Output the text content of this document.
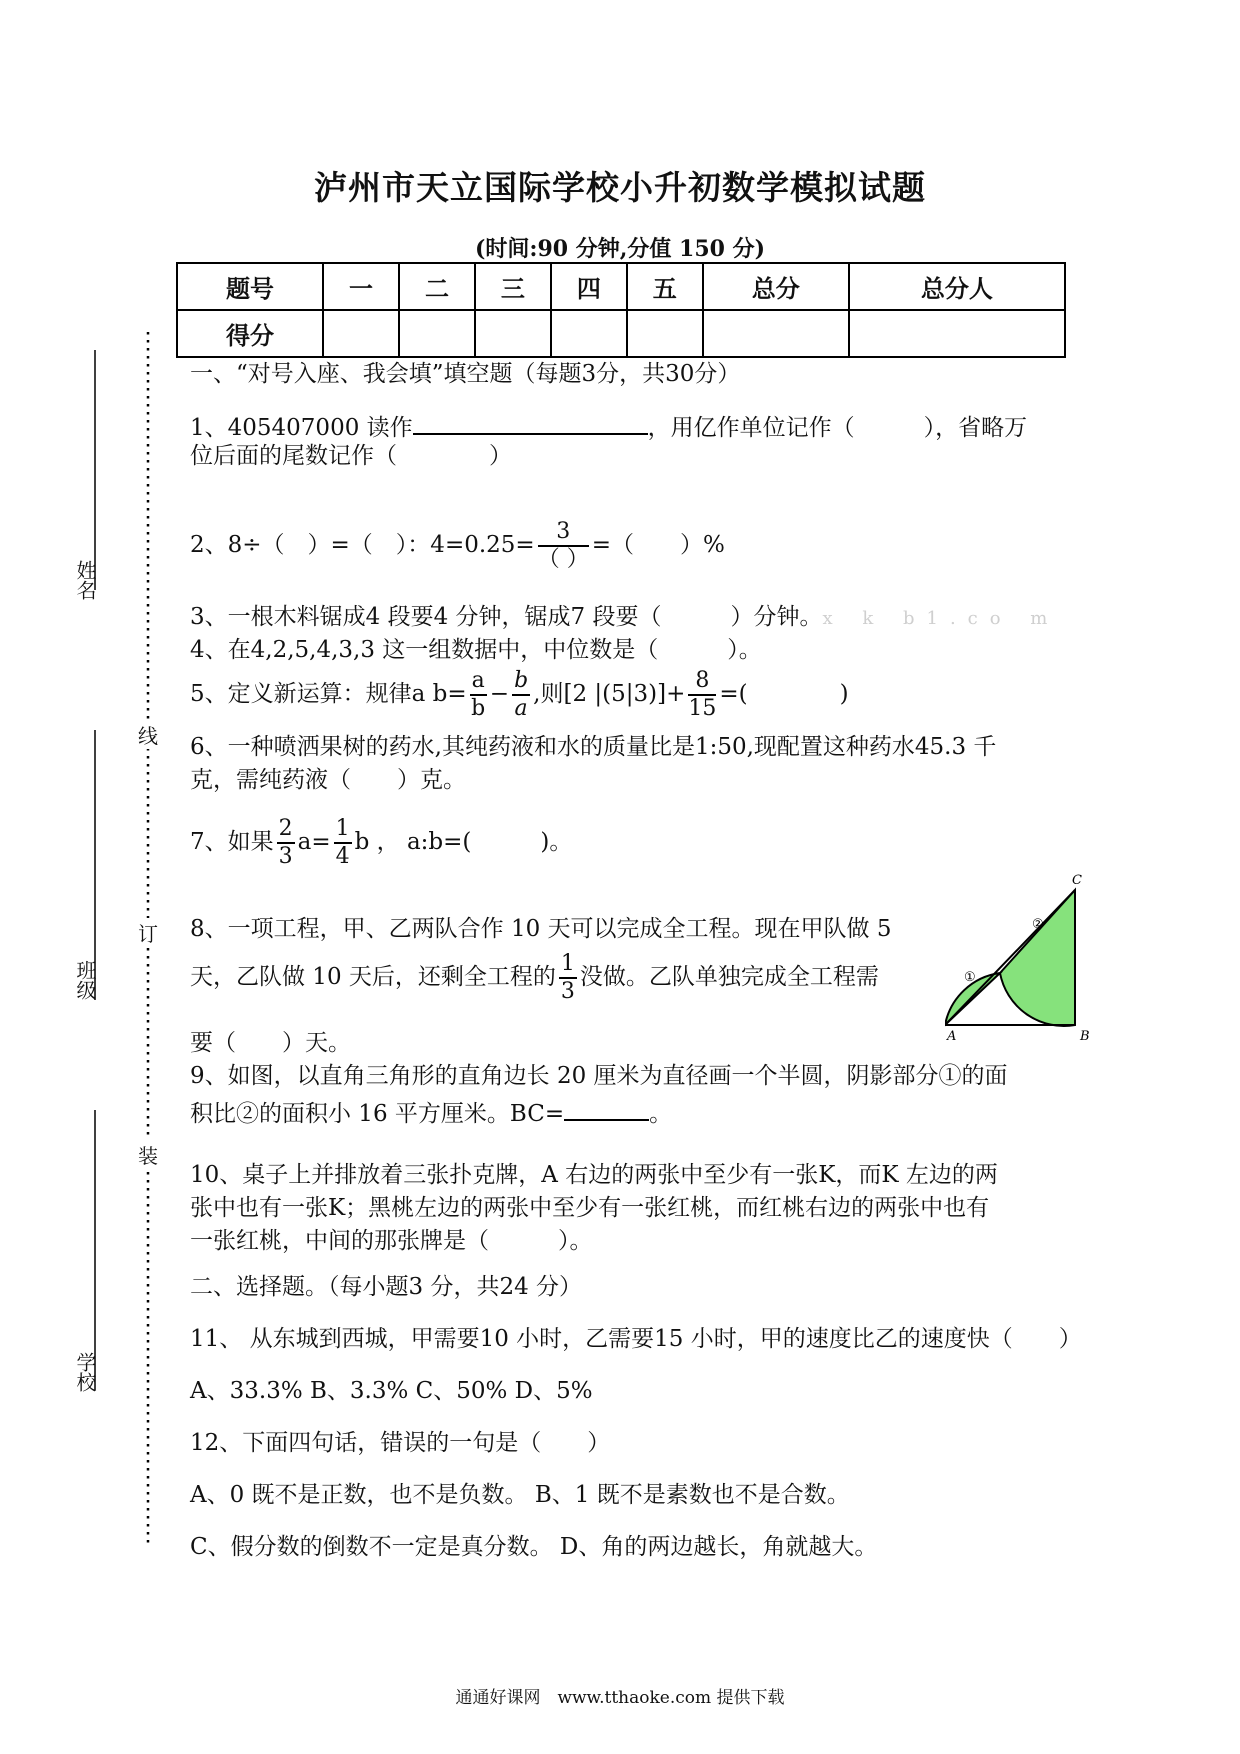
泸州市天立国际学校小升初数学模拟试题
(时间:90 分钟,分值 150 分)
题号	一	二	三	四	五	总分	总分人
得分							
姓名
班级
学校
线
订
装
一、“对号入座、我会填”填空题（每题3分，共30分）
1、405407000 读作	，用亿作单位记作（　　　），省略万
位后面的尾数记作（　　　　）
2、8÷（　）=（　）：$4=0.25= \frac{3}{( )}$ =（　　）%
3、一根木料锯成4 段要4 分钟，锯成7 段要（　　　）分钟。x k b1.co m
4、在4,2,5,4,3,3 这一组数据中，中位数是（　　　）。
5、定义新运算：规律a $b= \frac{a}{b} - \frac{b}{a}$ ,则[2 $|(5|3)]+ \frac{8}{15}$ =(　　　　)
6、一种喷洒果树的药水,其纯药液和水的质量比是1:50,现配置这种药水45.3 千
克，需纯药液（　　）克。
7、如果 $\frac{2}{3} a= \frac{1}{4}$ b ， a:b=(　　　)。
8、一项工程，甲、乙两队合作 10 天可以完成全工程。现在甲队做 5
天，乙队做 10 天后，还剩全工程的 $\frac{1}{3}$ 没做。乙队单独完成全工程需
要（　　）天。	A	B
C
①
②
9、如图，以直角三角形的直角边长 20 厘米为直径画一个半圆，阴影部分①的面
积比②的面积小 16 平方厘米。BC=	。
10、桌子上并排放着三张扑克牌，A 右边的两张中至少有一张K，而K 左边的两
张中也有一张K；黑桃左边的两张中至少有一张红桃，而红桃右边的两张中也有
一张红桃，中间的那张牌是（　　　）。
二、选择题。（每小题3 分，共24 分）
11、 从东城到西城，甲需要10 小时，乙需要15 小时，甲的速度比乙的速度快（　　）
A、33.3% B、3.3% C、50% D、5%
12、下面四句话，错误的一句是（　　）
A、0 既不是正数，也不是负数。 B、1 既不是素数也不是合数。
C、假分数的倒数不一定是真分数。 D、角的两边越长，角就越大。
通通好课网　www.tthaoke.com 提供下载
